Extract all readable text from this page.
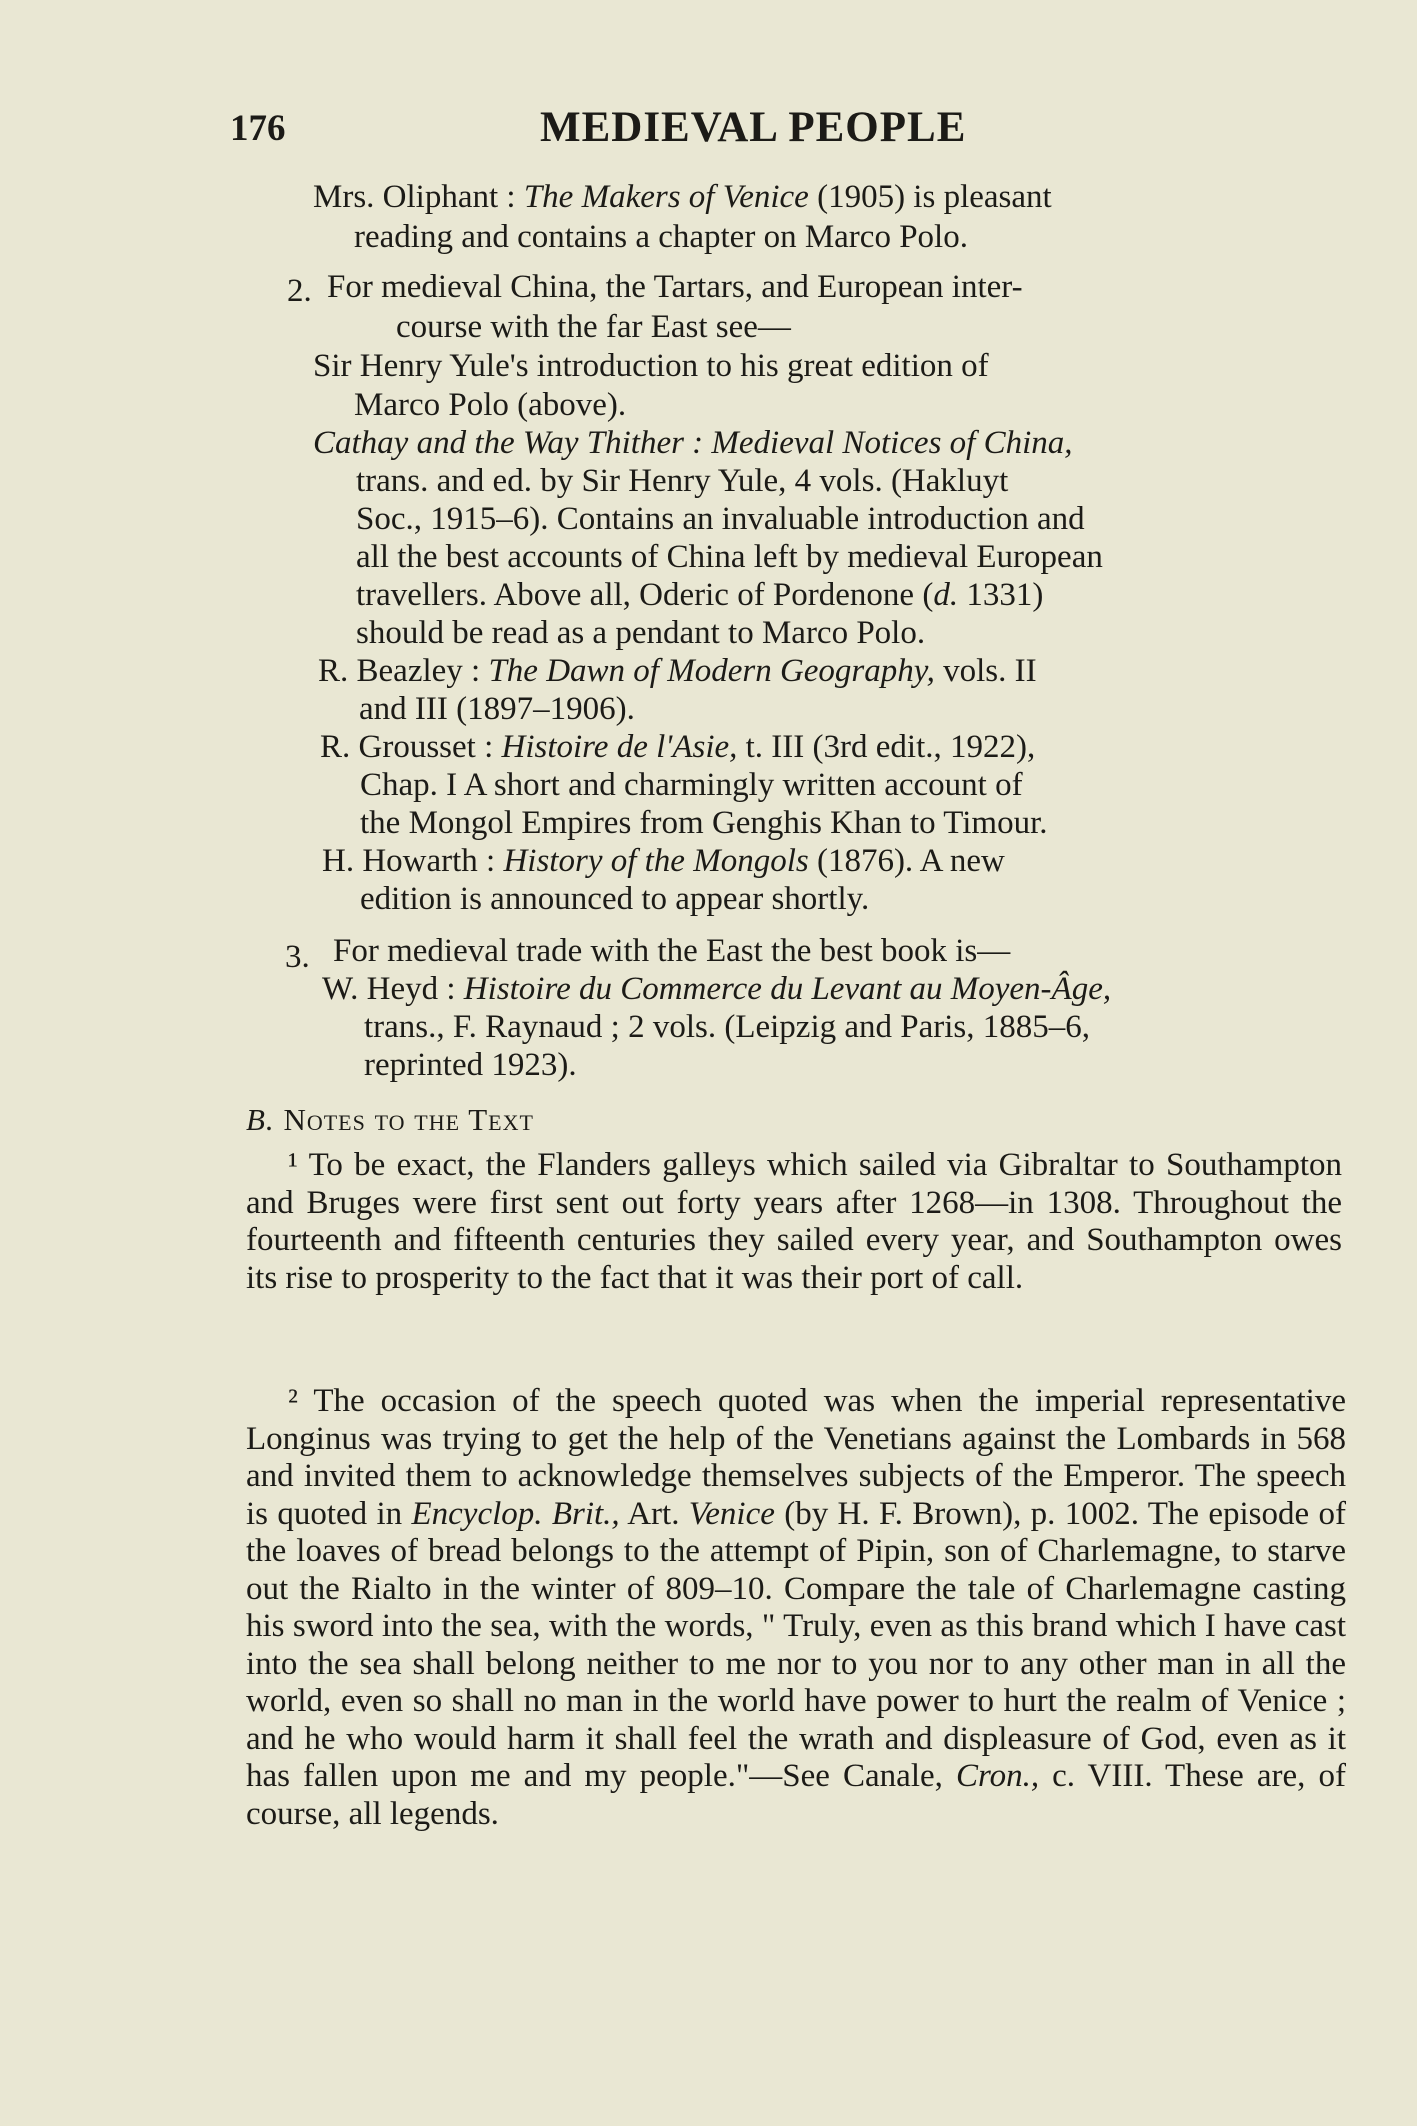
176	MEDIEVAL PEOPLE

Mrs. Oliphant : The Makers of Venice (1905) is pleasant

reading and contains a chapter on Marco Polo.

2. For medieval China, the Tartars, and European inter-

course with the far East see—

Sir Henry Yule's introduction to his great edition of

Marco Polo (above).

Cathay and the Way Thither : Medieval Notices of China,

trans. and ed. by Sir Henry Yule, 4 vols. (Hakluyt

Soc., 1915–6). Contains an invaluable introduction and

all the best accounts of China left by medieval European

travellers. Above all, Oderic of Pordenone (d. 1331)

should be read as a pendant to Marco Polo.

R. Beazley : The Dawn of Modern Geography, vols. II

and III (1897–1906).

R. Grousset : Histoire de l'Asie, t. III (3rd edit., 1922),

Chap. I A short and charmingly written account of

the Mongol Empires from Genghis Khan to Timour.

H. Howarth : History of the Mongols (1876). A new

edition is announced to appear shortly.

3. For medieval trade with the East the best book is—

W. Heyd : Histoire du Commerce du Levant au Moyen-Âge,

trans., F. Raynaud ; 2 vols. (Leipzig and Paris, 1885–6,

reprinted 1923).

B. Notes to the Text

¹ To be exact, the Flanders galleys which sailed via Gibraltar to Southampton and Bruges were first sent out forty years after 1268—in 1308. Throughout the fourteenth and fifteenth centuries they sailed every year, and Southampton owes its rise to prosperity to the fact that it was their port of call.

² The occasion of the speech quoted was when the imperial representative Longinus was trying to get the help of the Venetians against the Lombards in 568 and invited them to acknowledge themselves subjects of the Emperor. The speech is quoted in Encyclop. Brit., Art. Venice (by H. F. Brown), p. 1002. The episode of the loaves of bread belongs to the attempt of Pipin, son of Charlemagne, to starve out the Rialto in the winter of 809–10. Compare the tale of Charlemagne casting his sword into the sea, with the words, " Truly, even as this brand which I have cast into the sea shall belong neither to me nor to you nor to any other man in all the world, even so shall no man in the world have power to hurt the realm of Venice ; and he who would harm it shall feel the wrath and displeasure of God, even as it has fallen upon me and my people."—See Canale, Cron., c. VIII. These are, of course, all legends.
